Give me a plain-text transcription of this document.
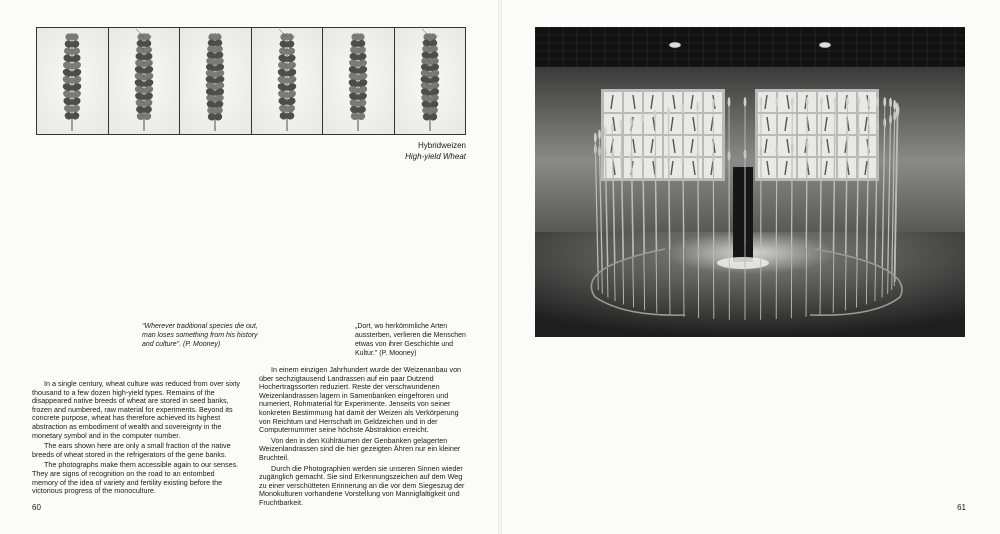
Hybridweizen
High-yield Wheat
"Wherever traditional species die out, man loses something from his history and culture". (P. Mooney)
„Dort, wo herkömmliche Arten aussterben, verlieren die Menschen etwas von ihrer Geschichte und Kultur." (P. Mooney)

In a single century, wheat culture was reduced from over sixty thousand to a few dozen high-yield types. Remains of the disappeared native breeds of wheat are stored in seed banks, frozen and numbered, raw material for experiments. Beyond its concrete purpose, wheat has therefore achieved its highest abstraction as embodiment of wealth and sovereignty in the monetary symbol and in the computer number.

The ears shown here are only a small fraction of the native breeds of wheat stored in the refrigerators of the gene banks.

The photographs make them accessible again to our senses. They are signs of recognition on the road to an entombed memory of the idea of variety and fertility existing before the victorious progress of the monoculture.

In einem einzigen Jahrhundert wurde der Weizenanbau von über sechzigtausend Landrassen auf ein paar Dutzend Hochertragssorten reduziert. Reste der verschwundenen Weizenlandrassen lagern in Samenbanken eingefroren und numeriert, Rohmaterial für Experimente. Jenseits von seiner konkreten Bestimmung hat damit der Weizen als Verkörperung von Reichtum und Herrschaft im Geldzeichen und in der Computernummer seine höchste Abstraktion erreicht.

Von den in den Kühlräumen der Genbanken gelagerten Weizenlandrassen sind die hier gezeigten Ähren nur ein kleiner Bruchteil.

Durch die Photographien werden sie unseren Sinnen wieder zugänglich gemacht. Sie sind Erkennungszeichen auf dem Weg zu einer verschütteten Erinnerung an die vor dem Siegeszug der Monokulturen vorhandene Vorstellung von Mannigfaltigkeit und Fruchtbarkeit.

60	61
